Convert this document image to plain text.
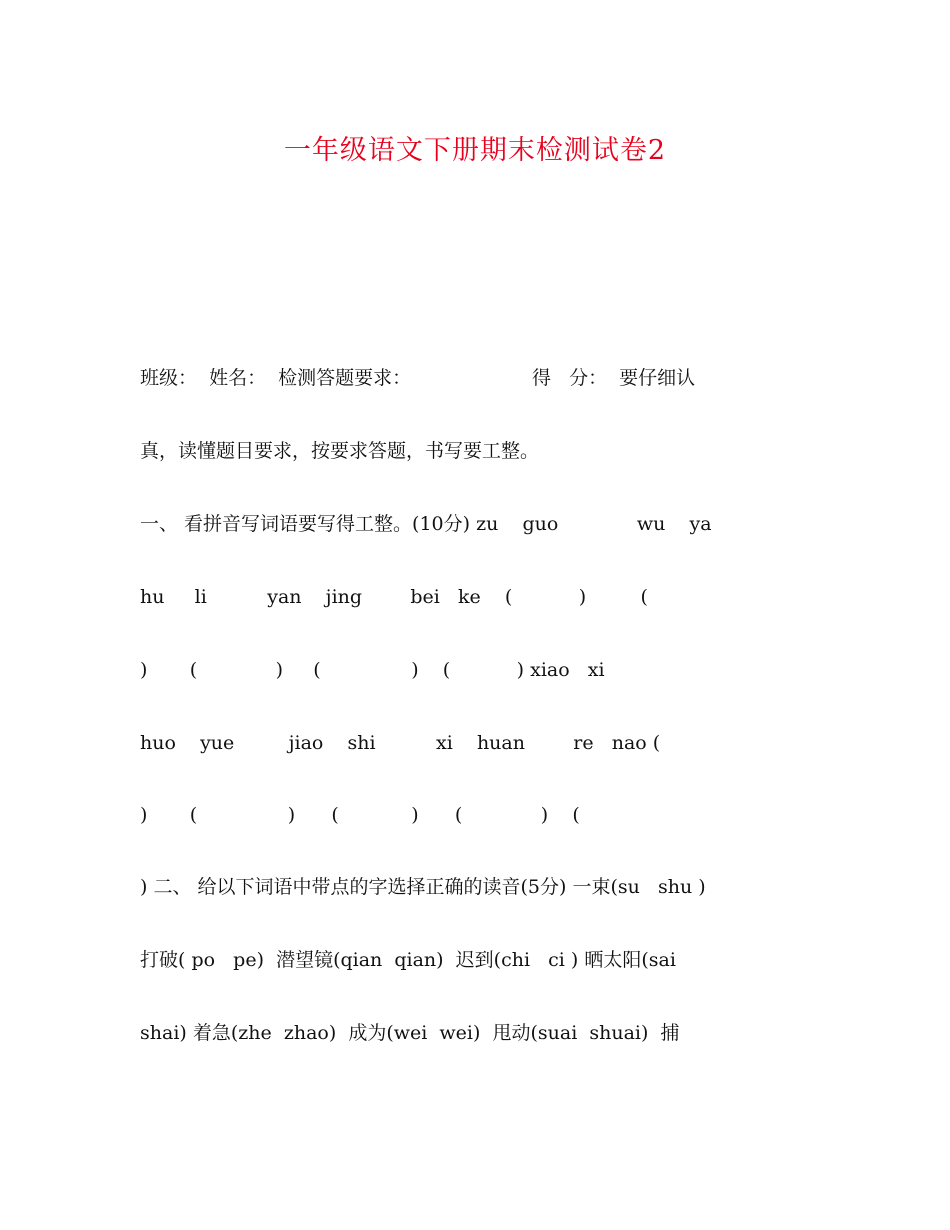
一年级语文下册期末检测试卷2
班级：  姓名：  检测答题要求：                    得   分：  要仔细认
真，读懂题目要求，按要求答题，书写要工整。
一、 看拼音写词语要写得工整。(10分) zu    guo             wu    ya
hu     li          yan    jing        bei   ke    (           )         (
)       (             )     (               )    (           ) xiao   xi
huo    yue         jiao    shi          xi    huan        re   nao (
)       (               )      (            )      (             )    (
) 二、 给以下词语中带点的字选择正确的读音(5分) 一束(su   shu )
打破( po   pe)  潜望镜(qian  qian)  迟到(chi   ci ) 晒太阳(sai
shai) 着急(zhe  zhao)  成为(wei  wei)  甩动(suai  shuai)  捕
